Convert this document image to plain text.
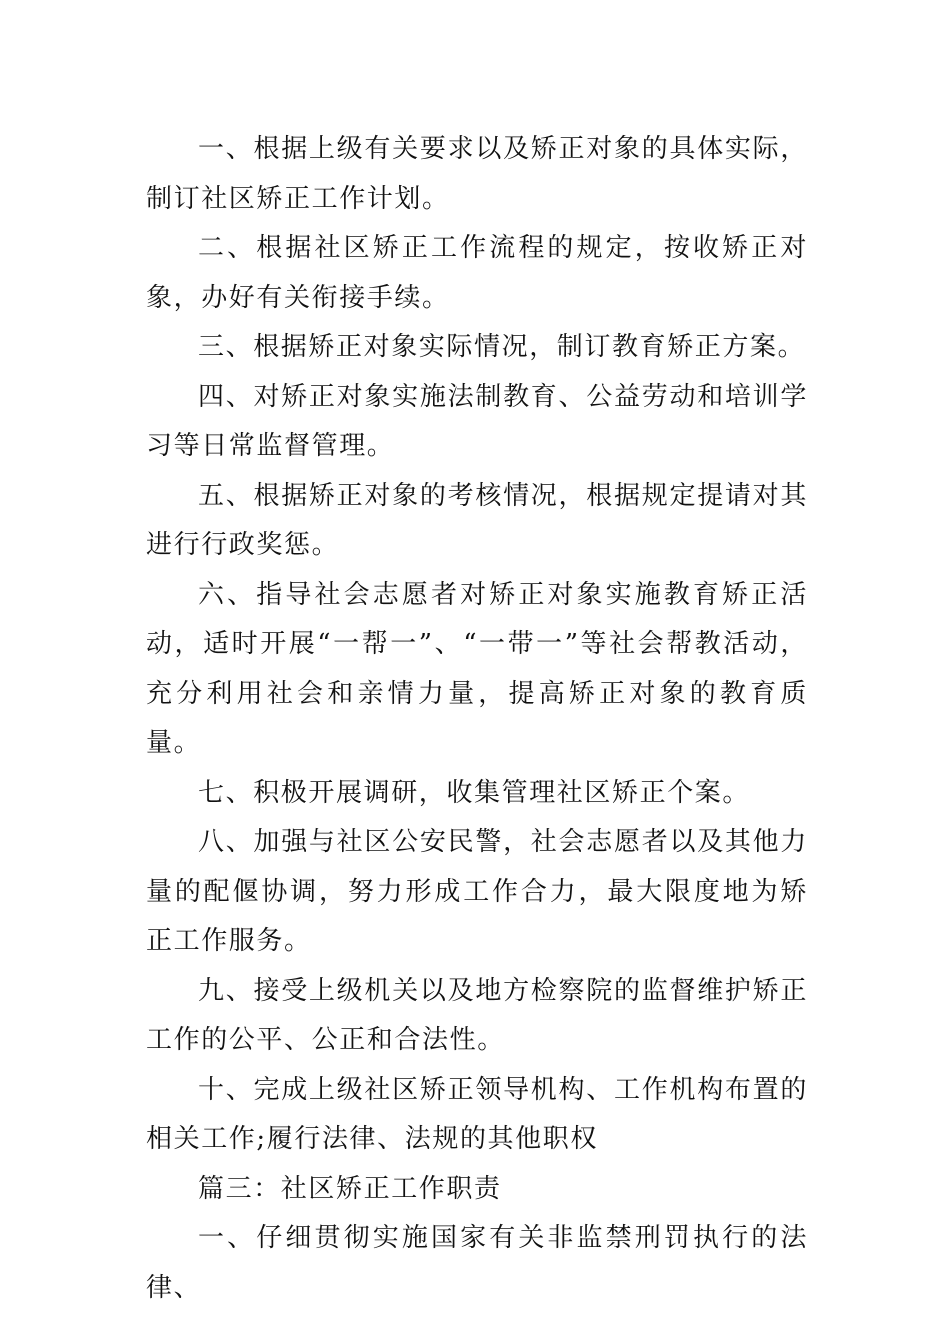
一、根据上级有关要求以及矫正对象的具体实际，制订社区矫正工作计划。

二、根据社区矫正工作流程的规定，按收矫正对象，办好有关衔接手续。

三、根据矫正对象实际情况，制订教育矫正方案。

四、对矫正对象实施法制教育、公益劳动和培训学习等日常监督管理。

五、根据矫正对象的考核情况，根据规定提请对其进行行政奖惩。

六、指导社会志愿者对矫正对象实施教育矫正活动，适时开展“一帮一”、“一带一”等社会帮教活动，充分利用社会和亲情力量，提高矫正对象的教育质量。

七、积极开展调研，收集管理社区矫正个案。

八、加强与社区公安民警，社会志愿者以及其他力量的配偃协调，努力形成工作合力，最大限度地为矫正工作服务。

九、接受上级机关以及地方检察院的监督维护矫正工作的公平、公正和合法性。

十、完成上级社区矫正领导机构、工作机构布置的相关工作;履行法律、法规的其他职权

篇三：社区矫正工作职责

一、仔细贯彻实施国家有关非监禁刑罚执行的法律、
